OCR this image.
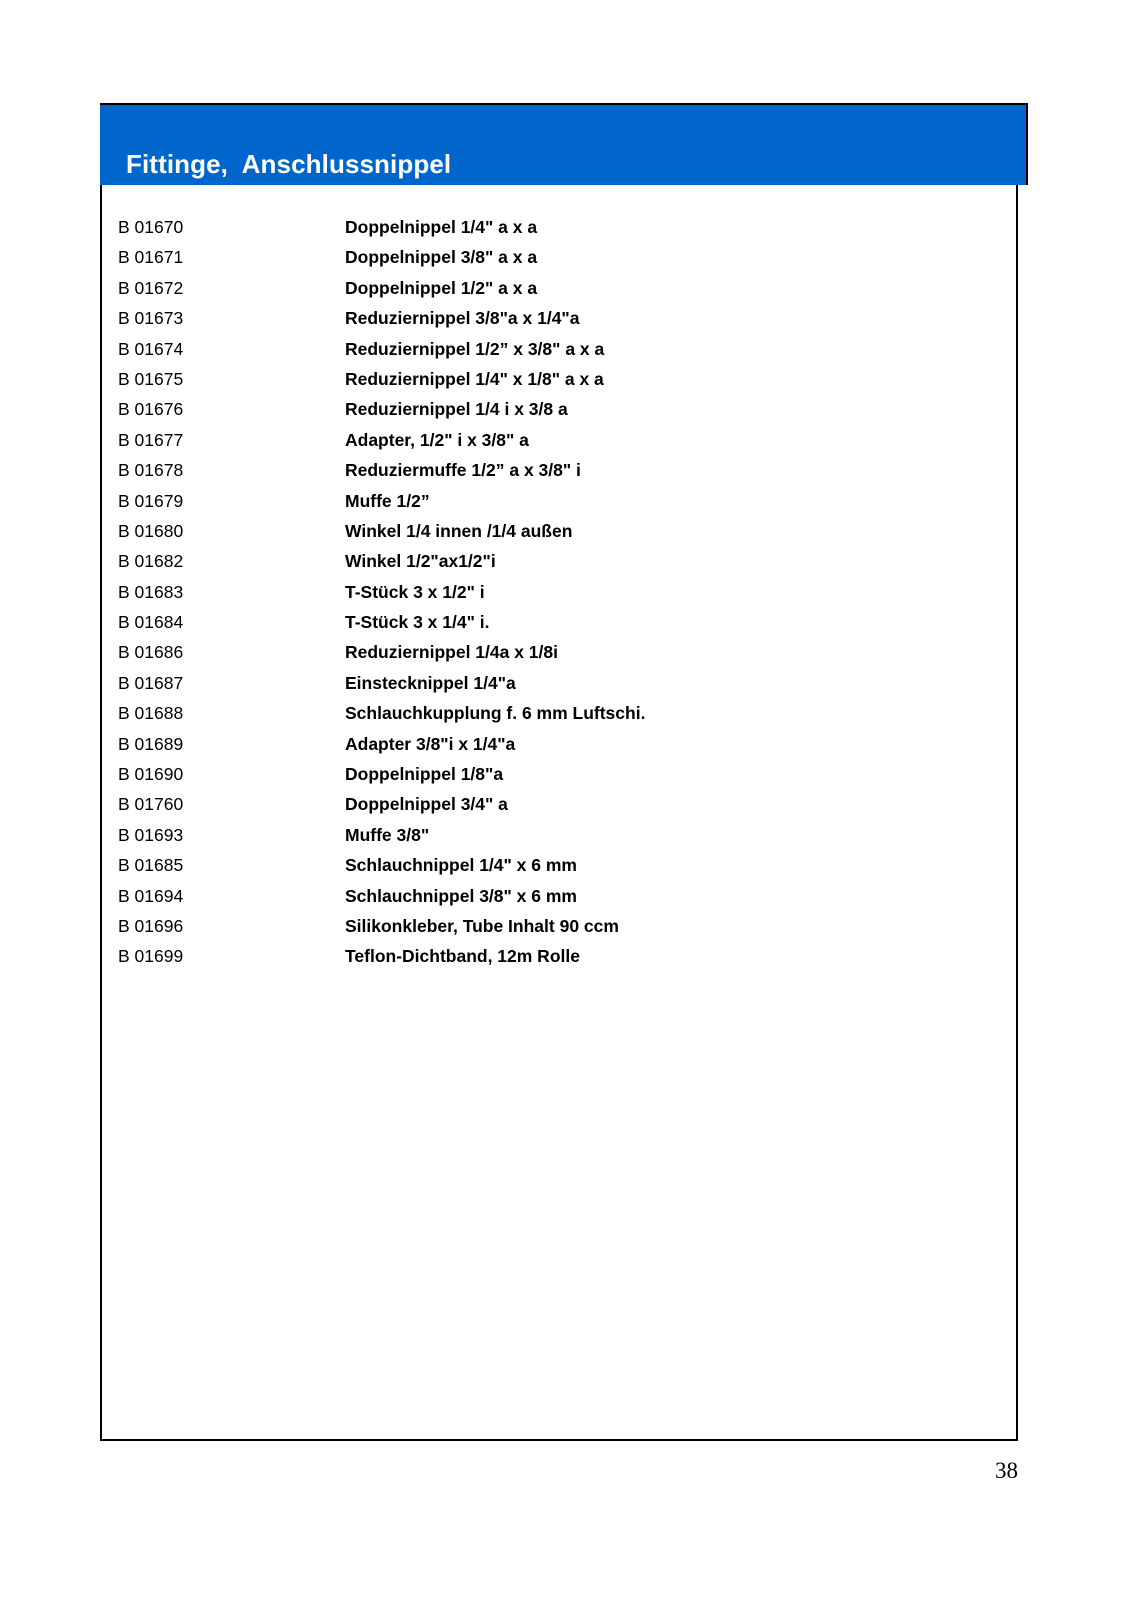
Fittinge,  Anschlussnippel
B 01670	Doppelnippel 1/4" a x a
B 01671	Doppelnippel 3/8" a x a
B 01672	Doppelnippel 1/2" a x a
B 01673	Reduziernippel 3/8"a x 1/4"a
B 01674	Reduziernippel 1/2” x 3/8" a x a
B 01675	Reduziernippel 1/4" x 1/8" a x a
B 01676	Reduziernippel 1/4 i x 3/8 a
B 01677	Adapter, 1/2" i x 3/8" a
B 01678	Reduziermuffe 1/2” a x 3/8" i
B 01679	Muffe 1/2”
B 01680	Winkel 1/4 innen /1/4 außen
B 01682	Winkel 1/2"ax1/2"i
B 01683	T-Stück 3 x 1/2" i
B 01684	T-Stück 3 x 1/4" i.
B 01686	Reduziernippel 1/4a x 1/8i
B 01687	Einstecknippel 1/4"a
B 01688	Schlauchkupplung f. 6 mm Luftschi.
B 01689	Adapter 3/8"i x 1/4"a
B 01690	Doppelnippel 1/8"a
B 01760	Doppelnippel 3/4" a
B 01693	Muffe 3/8"
B 01685	Schlauchnippel 1/4" x 6 mm
B 01694	Schlauchnippel 3/8" x 6 mm
B 01696	Silikonkleber, Tube Inhalt 90 ccm
B 01699	Teflon-Dichtband, 12m Rolle
38
